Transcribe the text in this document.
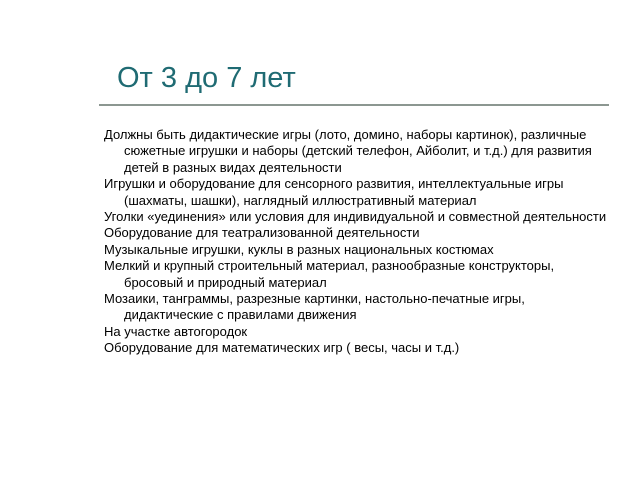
От 3 до 7 лет
Должны быть дидактические игры (лото, домино, наборы картинок), различные сюжетные игрушки и наборы (детский телефон, Айболит, и т.д.) для развития детей в разных видах деятельности
Игрушки и оборудование для сенсорного развития, интеллектуальные игры (шахматы, шашки), наглядный иллюстративный материал
Уголки «уединения» или условия для индивидуальной и совместной деятельности
Оборудование для театрализованной деятельности
Музыкальные игрушки, куклы в разных национальных костюмах
Мелкий и крупный строительный материал, разнообразные конструкторы, бросовый и природный материал
Мозаики, танграммы, разрезные картинки, настольно-печатные игры, дидактические с правилами движения
На участке автогородок
Оборудование для математических игр ( весы, часы и т.д.)
